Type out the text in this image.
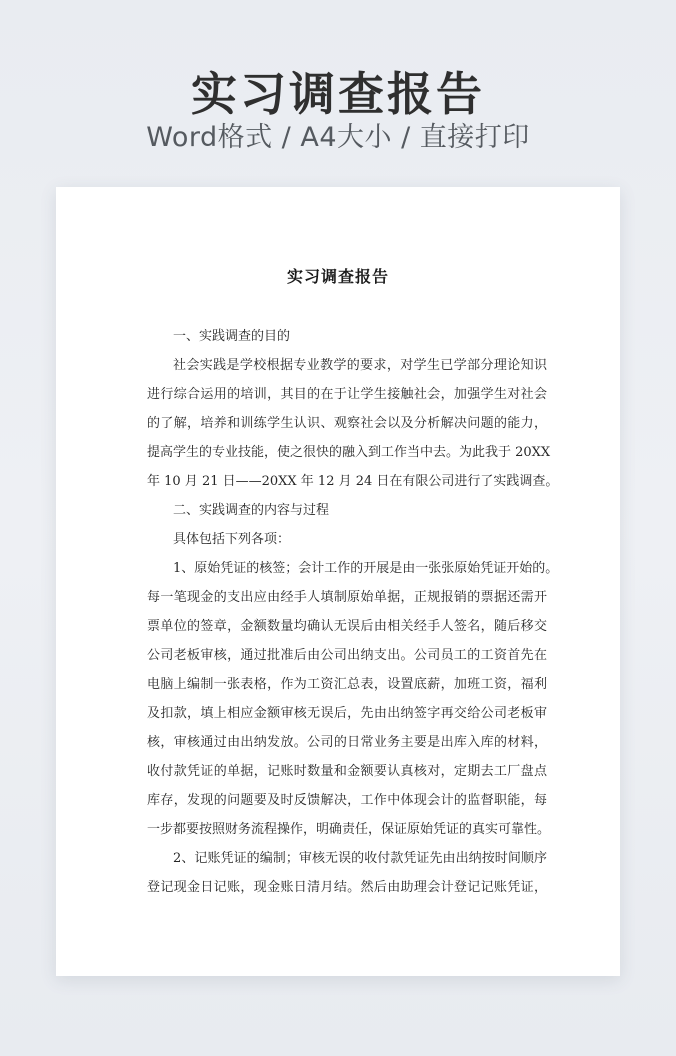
实习调查报告
Word格式 / A4大小 / 直接打印
实习调查报告
一、实践调查的目的
社会实践是学校根据专业教学的要求，对学生已学部分理论知识
进行综合运用的培训，其目的在于让学生接触社会，加强学生对社会
的了解，培养和训练学生认识、观察社会以及分析解决问题的能力，
提高学生的专业技能，使之很快的融入到工作当中去。为此我于 20XX
年 10 月 21 日——20XX 年 12 月 24 日在有限公司进行了实践调查。
二、实践调查的内容与过程
具体包括下列各项：
1、原始凭证的核签；会计工作的开展是由一张张原始凭证开始的。
每一笔现金的支出应由经手人填制原始单据，正规报销的票据还需开
票单位的签章，金额数量均确认无误后由相关经手人签名，随后移交
公司老板审核，通过批准后由公司出纳支出。公司员工的工资首先在
电脑上编制一张表格，作为工资汇总表，设置底薪，加班工资，福利
及扣款，填上相应金额审核无误后，先由出纳签字再交给公司老板审
核，审核通过由出纳发放。公司的日常业务主要是出库入库的材料，
收付款凭证的单据，记账时数量和金额要认真核对，定期去工厂盘点
库存，发现的问题要及时反馈解决，工作中体现会计的监督职能，每
一步都要按照财务流程操作，明确责任，保证原始凭证的真实可靠性。
2、记账凭证的编制；审核无误的收付款凭证先由出纳按时间顺序
登记现金日记账，现金账日清月结。然后由助理会计登记记账凭证，
